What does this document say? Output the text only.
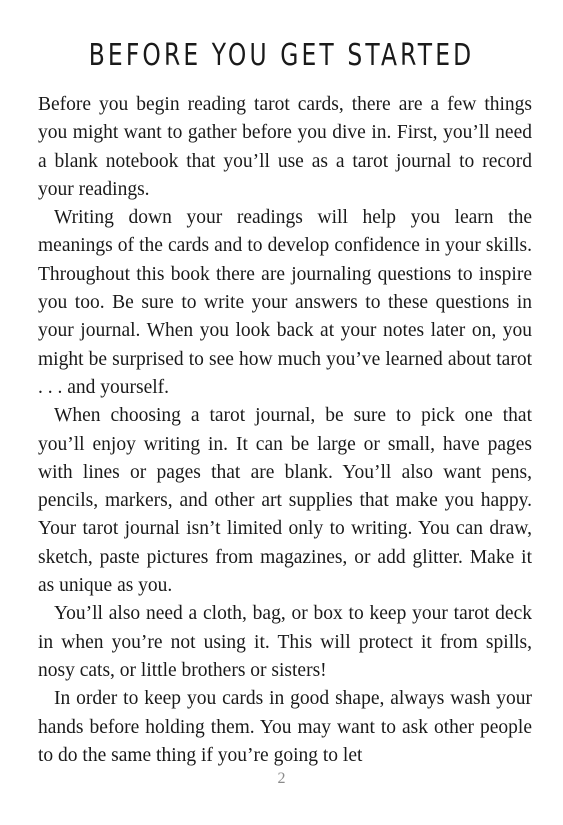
BEFORE YOU GET STARTED

Before you begin reading tarot cards, there are a few things you might want to gather before you dive in. First, you’ll need a blank notebook that you’ll use as a tarot journal to record your readings.

Writing down your readings will help you learn the meanings of the cards and to develop confidence in your skills. Throughout this book there are journaling questions to inspire you too. Be sure to write your answers to these questions in your journal. When you look back at your notes later on, you might be surprised to see how much you’ve learned about tarot . . . and yourself.

When choosing a tarot journal, be sure to pick one that you’ll enjoy writing in. It can be large or small, have pages with lines or pages that are blank. You’ll also want pens, pencils, markers, and other art supplies that make you happy. Your tarot journal isn’t limited only to writing. You can draw, sketch, paste pictures from magazines, or add glitter. Make it as unique as you.

You’ll also need a cloth, bag, or box to keep your tarot deck in when you’re not using it. This will protect it from spills, nosy cats, or little brothers or sisters!

In order to keep you cards in good shape, always wash your hands before holding them. You may want to ask other people to do the same thing if you’re going to let

2
